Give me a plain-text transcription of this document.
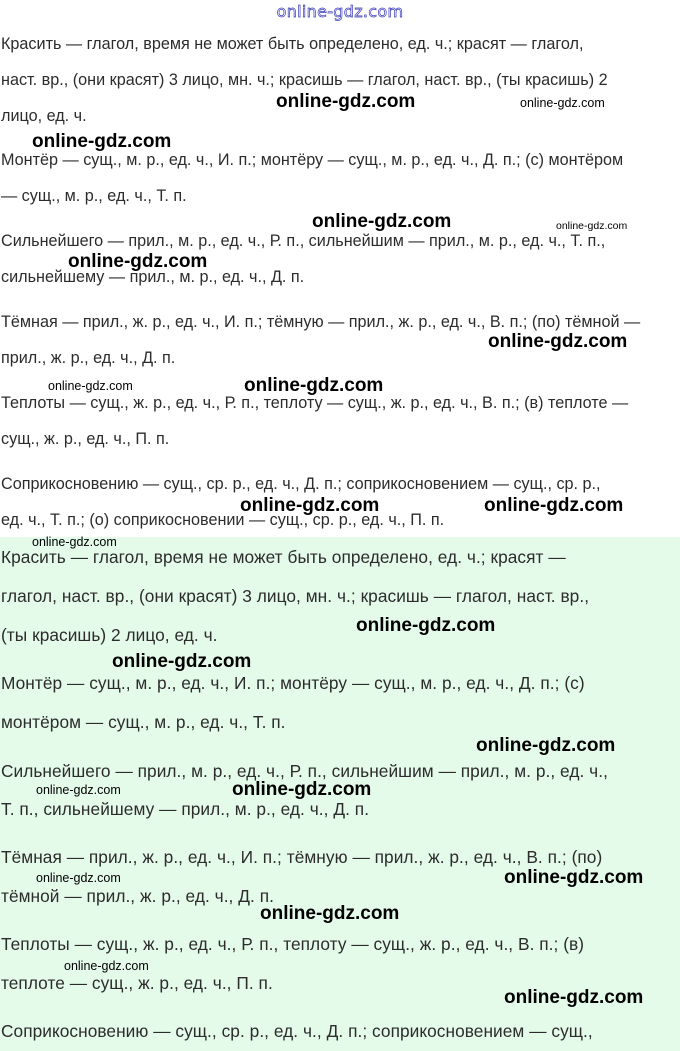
online-gdz.com
Красить — глагол, время не может быть определено, ед. ч.; красят — глагол,
наст. вр., (они красят) 3 лицо, мн. ч.; красишь — глагол, наст. вр., (ты красишь) 2
лицо, ед. ч.
Монтёр — сущ., м. р., ед. ч., И. п.; монтёру — сущ., м. р., ед. ч., Д. п.; (с) монтёром
— сущ., м. р., ед. ч., Т. п.
Сильнейшего — прил., м. р., ед. ч., Р. п., сильнейшим — прил., м. р., ед. ч., Т. п.,
сильнейшему — прил., м. р., ед. ч., Д. п.
Тёмная — прил., ж. р., ед. ч., И. п.; тёмную — прил., ж. р., ед. ч., В. п.; (по) тёмной —
прил., ж. р., ед. ч., Д. п.
Теплоты — сущ., ж. р., ед. ч., Р. п., теплоту — сущ., ж. р., ед. ч., В. п.; (в) теплоте —
сущ., ж. р., ед. ч., П. п.
Соприкосновению — сущ., ср. р., ед. ч., Д. п.; соприкосновением — сущ., ср. р.,
ед. ч., Т. п.; (о) соприкосновении — сущ., ср. р., ед. ч., П. п.
Красить — глагол, время не может быть определено, ед. ч.; красят —
глагол, наст. вр., (они красят) 3 лицо, мн. ч.; красишь — глагол, наст. вр.,
(ты красишь) 2 лицо, ед. ч.
Монтёр — сущ., м. р., ед. ч., И. п.; монтёру — сущ., м. р., ед. ч., Д. п.; (с)
монтёром — сущ., м. р., ед. ч., Т. п.
Сильнейшего — прил., м. р., ед. ч., Р. п., сильнейшим — прил., м. р., ед. ч.,
Т. п., сильнейшему — прил., м. р., ед. ч., Д. п.
Тёмная — прил., ж. р., ед. ч., И. п.; тёмную — прил., ж. р., ед. ч., В. п.; (по)
тёмной — прил., ж. р., ед. ч., Д. п.
Теплоты — сущ., ж. р., ед. ч., Р. п., теплоту — сущ., ж. р., ед. ч., В. п.; (в)
теплоте — сущ., ж. р., ед. ч., П. п.
Соприкосновению — сущ., ср. р., ед. ч., Д. п.; соприкосновением — сущ.,
online-gdz.com	online-gdz.com
online-gdz.com
online-gdz.com	online-gdz.com
online-gdz.com
online-gdz.com
online-gdz.com
online-gdz.com
online-gdz.com	online-gdz.com
online-gdz.com
online-gdz.com
online-gdz.com
online-gdz.com
online-gdz.com
online-gdz.com
online-gdz.com
online-gdz.com
online-gdz.com
online-gdz.com
online-gdz.com
